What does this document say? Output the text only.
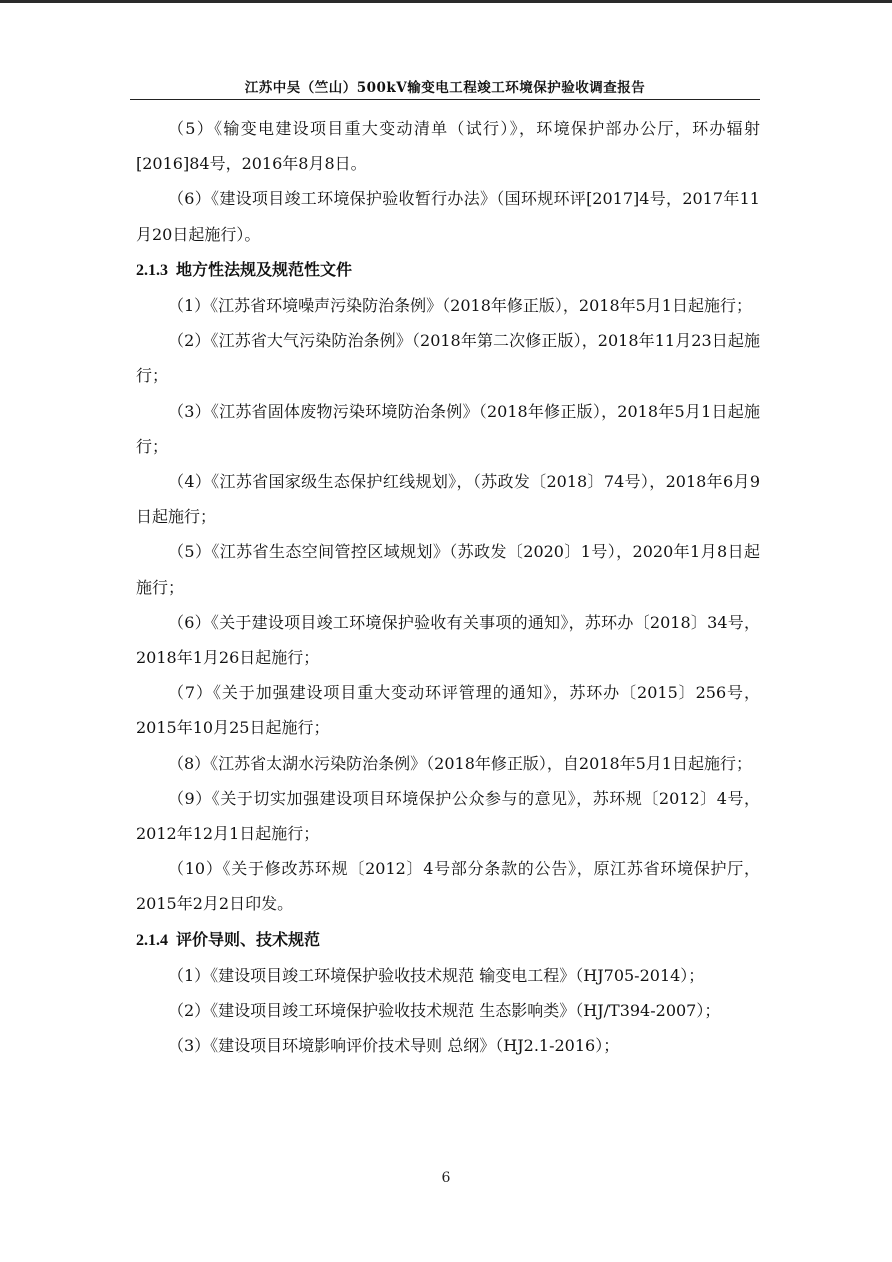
江苏中吴（竺山）500kV输变电工程竣工环境保护验收调查报告

（5）《输变电建设项目重大变动清单（试行）》，环境保护部办公厅，环办辐射[2016]84号，2016年8月8日。

（6）《建设项目竣工环境保护验收暂行办法》（国环规环评[2017]4号，2017年11月20日起施行）。

2.1.3 地方性法规及规范性文件

（1）《江苏省环境噪声污染防治条例》（2018年修正版），2018年5月1日起施行；

（2）《江苏省大气污染防治条例》（2018年第二次修正版），2018年11月23日起施行；

（3）《江苏省固体废物污染环境防治条例》（2018年修正版），2018年5月1日起施行；

（4）《江苏省国家级生态保护红线规划》，（苏政发〔2018〕74号），2018年6月9日起施行；

（5）《江苏省生态空间管控区域规划》（苏政发〔2020〕1号），2020年1月8日起施行；

（6）《关于建设项目竣工环境保护验收有关事项的通知》，苏环办〔2018〕34号，2018年1月26日起施行；

（7）《关于加强建设项目重大变动环评管理的通知》，苏环办〔2015〕256号，2015年10月25日起施行；

（8）《江苏省太湖水污染防治条例》（2018年修正版），自2018年5月1日起施行；

（9）《关于切实加强建设项目环境保护公众参与的意见》，苏环规〔2012〕4号，2012年12月1日起施行；

（10）《关于修改苏环规〔2012〕4号部分条款的公告》，原江苏省环境保护厅，2015年2月2日印发。

2.1.4 评价导则、技术规范

（1）《建设项目竣工环境保护验收技术规范 输变电工程》（HJ705-2014）；

（2）《建设项目竣工环境保护验收技术规范 生态影响类》（HJ/T394-2007）；

（3）《建设项目环境影响评价技术导则 总纲》（HJ2.1-2016）；

6
